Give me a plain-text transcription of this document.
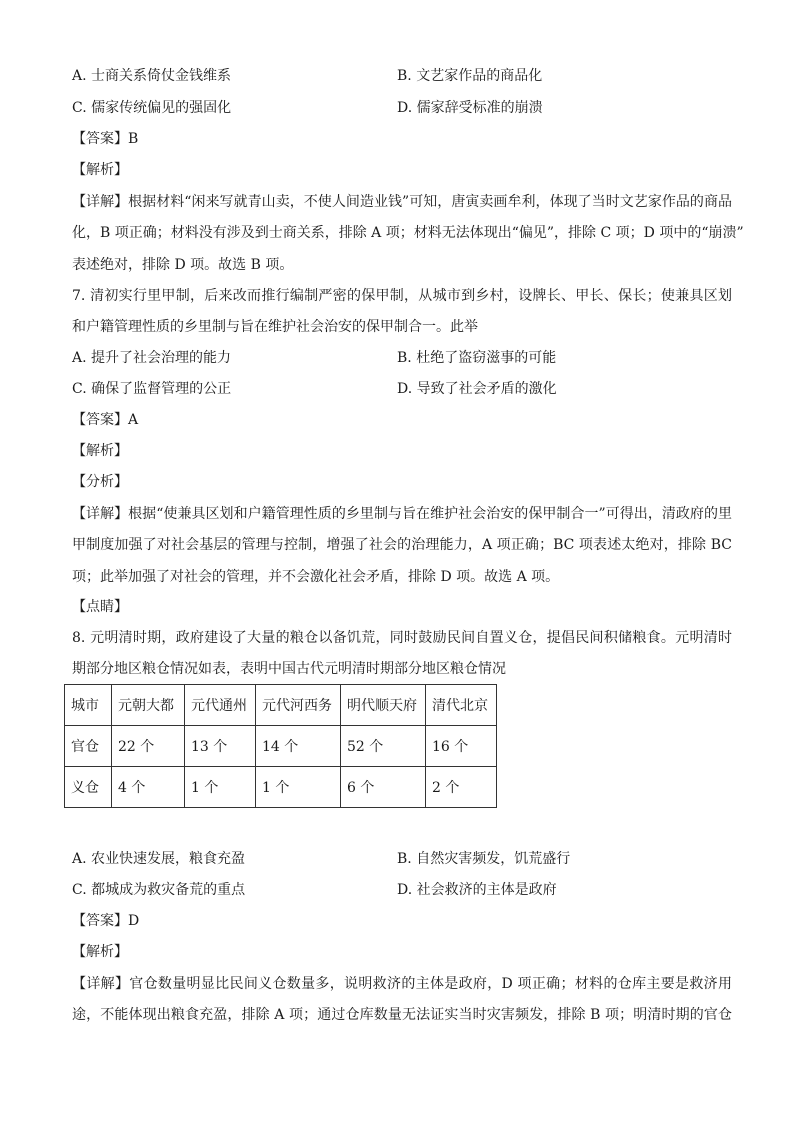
A. 士商关系倚仗金钱维系	B. 文艺家作品的商品化
C. 儒家传统偏见的强固化	D. 儒家辞受标准的崩溃
【答案】B
【解析】
【详解】根据材料“闲来写就青山卖，不使人间造业钱”可知，唐寅卖画牟利，体现了当时文艺家作品的商品
化，B 项正确；材料没有涉及到士商关系，排除 A 项；材料无法体现出“偏见”，排除 C 项；D 项中的“崩溃”
表述绝对，排除 D 项。故选 B 项。
7. 清初实行里甲制，后来改而推行编制严密的保甲制，从城市到乡村，设牌长、甲长、保长；使兼具区划
和户籍管理性质的乡里制与旨在维护社会治安的保甲制合一。此举
A. 提升了社会治理的能力	B. 杜绝了盗窃滋事的可能
C. 确保了监督管理的公正	D. 导致了社会矛盾的激化
【答案】A
【解析】
【分析】
【详解】根据“使兼具区划和户籍管理性质的乡里制与旨在维护社会治安的保甲制合一”可得出，清政府的里
甲制度加强了对社会基层的管理与控制，增强了社会的治理能力，A 项正确；BC 项表述太绝对，排除 BC
项；此举加强了对社会的管理，并不会激化社会矛盾，排除 D 项。故选 A 项。
【点睛】
8. 元明清时期，政府建设了大量的粮仓以备饥荒，同时鼓励民间自置义仓，提倡民间积储粮食。元明清时
期部分地区粮仓情况如表，表明中国古代元明清时期部分地区粮仓情况
城市	元朝大都	元代通州	元代河西务	明代顺天府	清代北京
官仓	22 个	13 个	14 个	52 个	16 个
义仓	4 个	1 个	1 个	6 个	2 个
A. 农业快速发展，粮食充盈	B. 自然灾害频发，饥荒盛行
C. 都城成为救灾备荒的重点	D. 社会救济的主体是政府
【答案】D
【解析】
【详解】官仓数量明显比民间义仓数量多，说明救济的主体是政府，D 项正确；材料的仓库主要是救济用
途，不能体现出粮食充盈，排除 A 项；通过仓库数量无法证实当时灾害频发，排除 B 项；明清时期的官仓
